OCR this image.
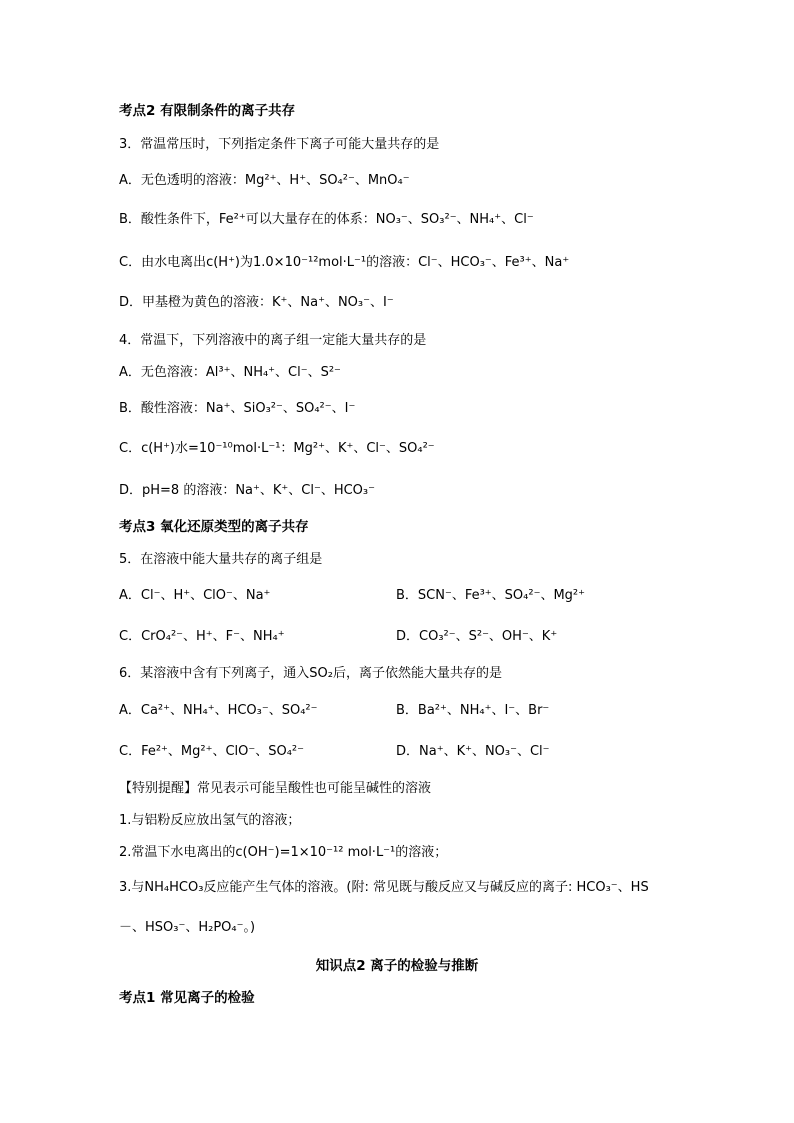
考点2 有限制条件的离子共存
3．常温常压时，下列指定条件下离子可能大量共存的是
A．无色透明的溶液：Mg²⁺、H⁺、SO₄²⁻、MnO₄⁻
B．酸性条件下，Fe²⁺可以大量存在的体系：NO₃⁻、SO₃²⁻、NH₄⁺、Cl⁻
C．由水电离出c(H⁺)为1.0×10⁻¹²mol·L⁻¹的溶液：Cl⁻、HCO₃⁻、Fe³⁺、Na⁺
D．甲基橙为黄色的溶液：K⁺、Na⁺、NO₃⁻、I⁻
4．常温下，下列溶液中的离子组一定能大量共存的是
A．无色溶液：Al³⁺、NH₄⁺、Cl⁻、S²⁻
B．酸性溶液：Na⁺、SiO₃²⁻、SO₄²⁻、I⁻
C．c(H⁺)水=10⁻¹⁰mol·L⁻¹：Mg²⁺、K⁺、Cl⁻、SO₄²⁻
D．pH=8 的溶液：Na⁺、K⁺、Cl⁻、HCO₃⁻
考点3 氧化还原类型的离子共存
5．在溶液中能大量共存的离子组是
A．Cl⁻、H⁺、ClO⁻、Na⁺	B．SCN⁻、Fe³⁺、SO₄²⁻、Mg²⁺
C．CrO₄²⁻、H⁺、F⁻、NH₄⁺	D．CO₃²⁻、S²⁻、OH⁻、K⁺
6．某溶液中含有下列离子，通入SO₂后，离子依然能大量共存的是
A．Ca²⁺、NH₄⁺、HCO₃⁻、SO₄²⁻	B．Ba²⁺、NH₄⁺、I⁻、Br⁻
C．Fe²⁺、Mg²⁺、ClO⁻、SO₄²⁻	D．Na⁺、K⁺、NO₃⁻、Cl⁻
【特别提醒】常见表示可能呈酸性也可能呈碱性的溶液
1.与铝粉反应放出氢气的溶液；
2.常温下水电离出的c(OH⁻)=1×10⁻¹² mol·L⁻¹的溶液；
3.与NH₄HCO₃反应能产生气体的溶液。(附: 常见既与酸反应又与碱反应的离子: HCO₃⁻、HS
－、HSO₃⁻、H₂PO₄⁻。)
知识点2 离子的检验与推断
考点1 常见离子的检验
